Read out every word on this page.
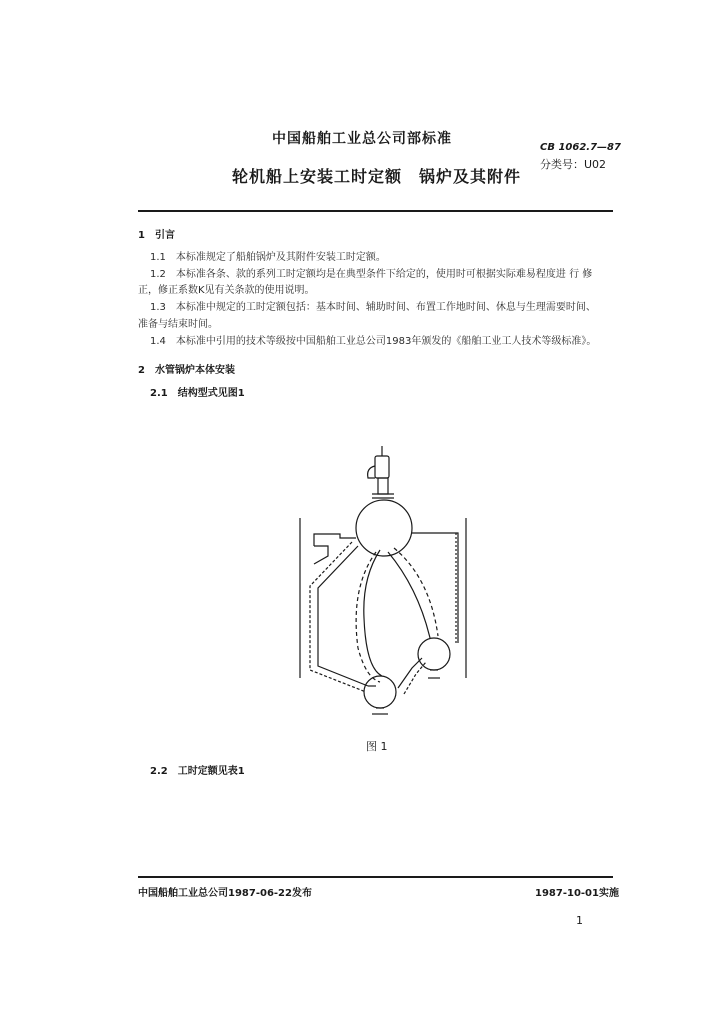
中国船舶工业总公司部标准
CB 1062.7—87
分类号：U02
轮机船上安装工时定额　锅炉及其附件
1　引言
1.1　本标准规定了船舶锅炉及其附件安装工时定额。
1.2　本标准各条、款的系列工时定额均是在典型条件下给定的，使用时可根据实际难易程度进 行 修
正，修正系数K见有关条款的使用说明。
1.3　本标准中规定的工时定额包括：基本时间、辅助时间、布置工作地时间、休息与生理需要时间、
准备与结束时间。
1.4　本标准中引用的技术等级按中国船舶工业总公司1983年颁发的《船舶工业工人技术等级标准》。
2　水管锅炉本体安装
2.1　结构型式见图1
图 1
2.2　工时定额见表1
中国船舶工业总公司1987-06-22发布	1987-10-01实施
1
